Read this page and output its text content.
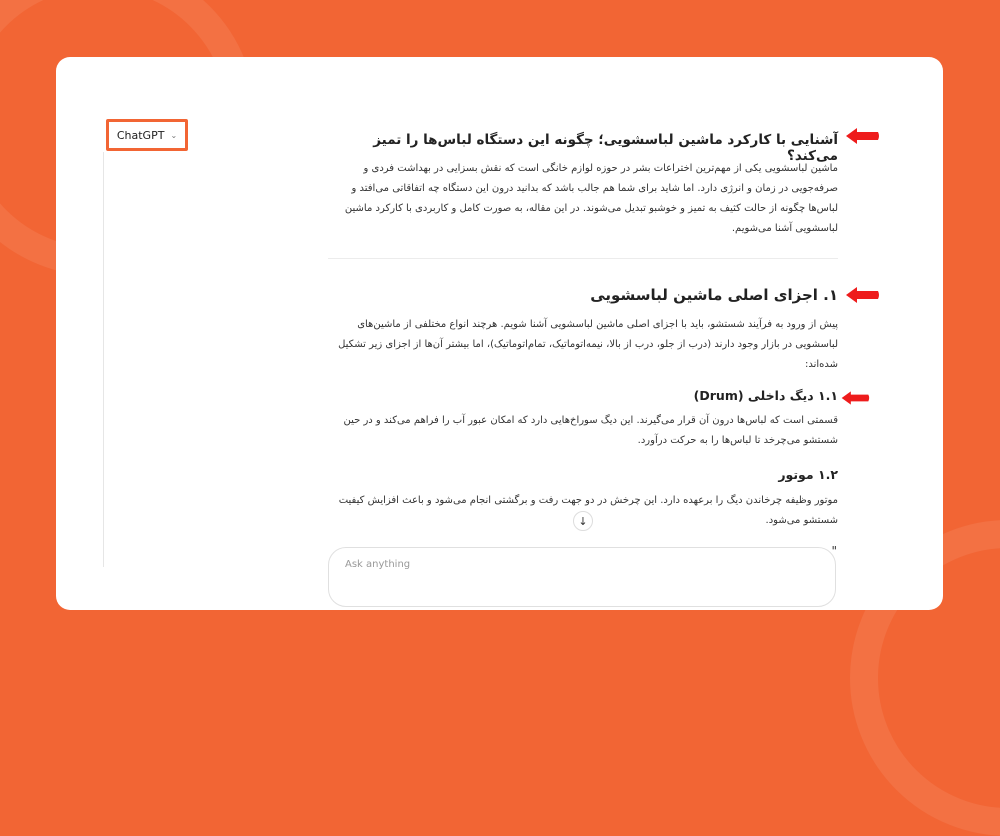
ChatGPT ⌄	آشنایی با کارکرد ماشین لباسشویی؛ چگونه این دستگاه لباس‌ها را تمیز می‌کند؟
ماشین لباسشویی یکی از مهم‌ترین اختراعات بشر در حوزه لوازم خانگی است که نقش بسزایی در بهداشت فردی و صرفه‌جویی در زمان و انرژی دارد. اما شاید برای شما هم جالب باشد که بدانید درون این دستگاه چه اتفاقاتی می‌افتد و لباس‌ها چگونه از حالت کثیف به تمیز و خوشبو تبدیل می‌شوند. در این مقاله، به صورت کامل و کاربردی با کارکرد ماشین لباسشویی آشنا می‌شویم.
۱. اجزای اصلی ماشین لباسشویی
پیش از ورود به فرآیند شستشو، باید با اجزای اصلی ماشین لباسشویی آشنا شویم. هرچند انواع مختلفی از ماشین‌های لباسشویی در بازار وجود دارند (درب از جلو، درب از بالا، نیمه‌اتوماتیک، تمام‌اتوماتیک)، اما بیشتر آن‌ها از اجزای زیر تشکیل شده‌اند:
۱.۱ دیگ داخلی (Drum)
قسمتی است که لباس‌ها درون آن قرار می‌گیرند. این دیگ سوراخ‌هایی دارد که امکان عبور آب را فراهم می‌کند و در حین شستشو می‌چرخد تا لباس‌ها را به حرکت درآورد.
۱.۲ موتور
موتور وظیفه چرخاندن دیگ را برعهده دارد. این چرخش در دو جهت رفت و برگشتی انجام می‌شود و باعث افزایش کیفیت شستشو می‌شود.
↓
Ask anything
"
